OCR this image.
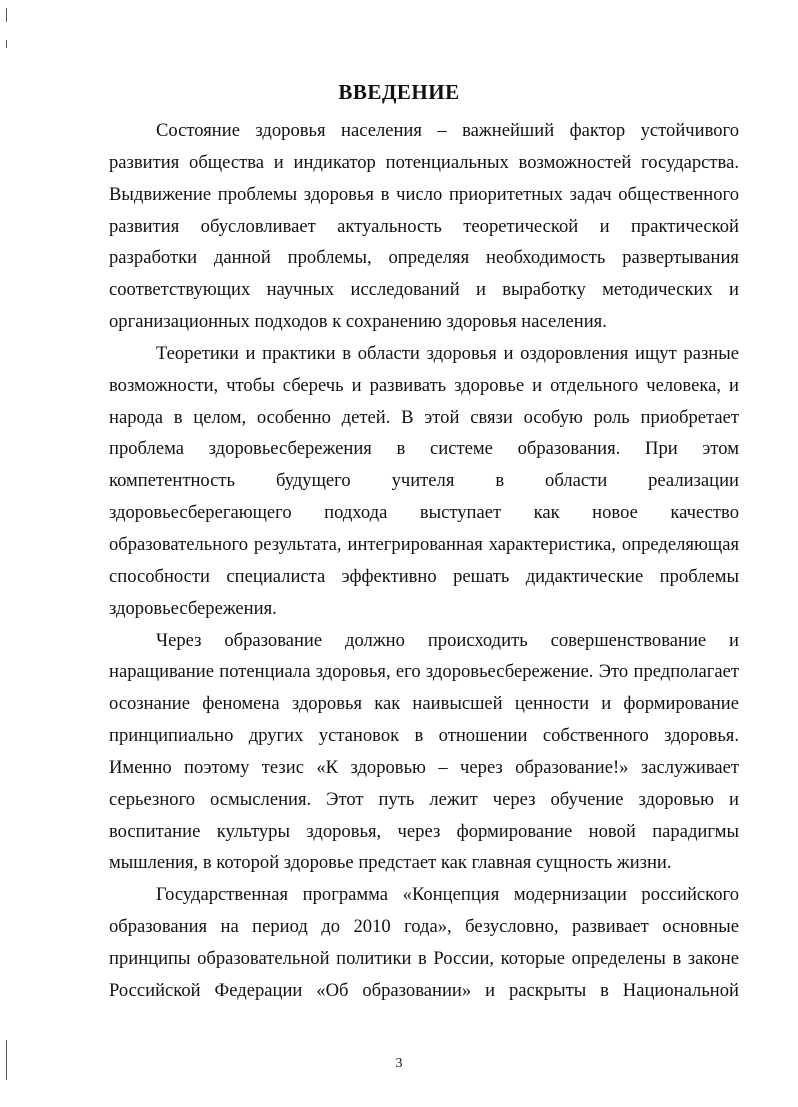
ВВЕДЕНИЕ

Состояние здоровья населения – важнейший фактор устойчивого развития общества и индикатор потенциальных возможностей государства. Выдвижение проблемы здоровья в число приоритетных задач общественного развития обусловливает актуальность теоретической и практической разработки данной проблемы, определяя необходимость развертывания соответствующих научных исследований и выработку методических и организационных подходов к сохранению здоровья населения.

Теоретики и практики в области здоровья и оздоровления ищут разные возможности, чтобы сберечь и развивать здоровье и отдельного человека, и народа в целом, особенно детей. В этой связи особую роль приобретает проблема здоровьесбережения в системе образования. При этом компетентность будущего учителя в области реализации здоровьесберегающего подхода выступает как новое качество образовательного результата, интегрированная характеристика, определяющая способности специалиста эффективно решать дидактические проблемы здоровьесбережения.

Через образование должно происходить совершенствование и наращивание потенциала здоровья, его здоровьесбережение. Это предполагает осознание феномена здоровья как наивысшей ценности и формирование принципиально других установок в отношении собственного здоровья. Именно поэтому тезис «К здоровью – через образование!» заслуживает серьезного осмысления. Этот путь лежит через обучение здоровью и воспитание культуры здоровья, через формирование новой парадигмы мышления, в которой здоровье предстает как главная сущность жизни.

Государственная программа «Концепция модернизации российского образования на период до 2010 года», безусловно, развивает основные принципы образовательной политики в России, которые определены в законе Российской Федерации «Об образовании» и раскрыты в Национальной

3
